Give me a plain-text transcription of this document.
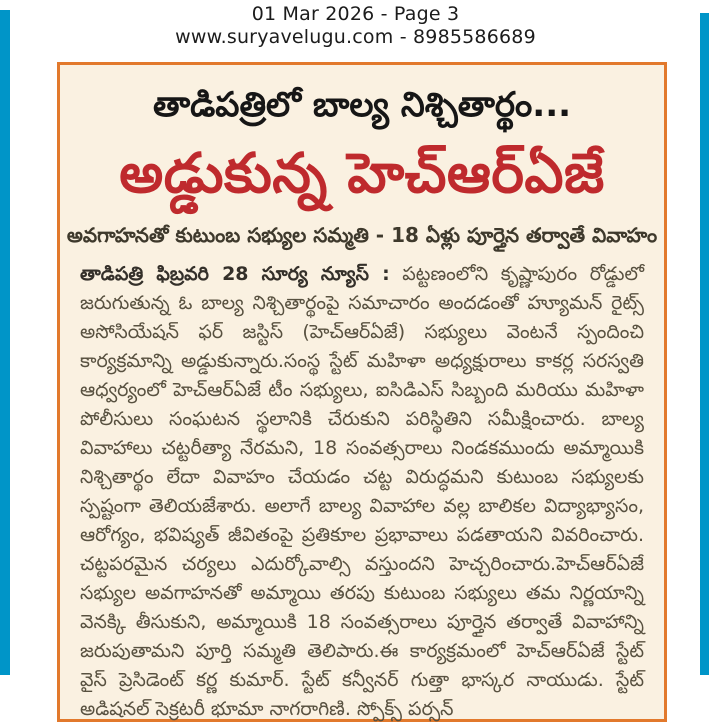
01 Mar 2026 - Page 3
www.suryavelugu.com - 8985586689
తాడిపత్రిలో బాల్య నిశ్చితార్థం...
అడ్డుకున్న హెచ్ఆర్ఏజే
అవగాహనతో కుటుంబ సభ్యుల సమ్మతి - 18 ఏళ్లు పూర్తైన తర్వాతే వివాహం

తాడిపత్రి ఫిబ్రవరి 28 సూర్య న్యూస్ : పట్టణంలోని కృష్ణాపురం రోడ్డులో జరుగుతున్న ఓ బాల్య నిశ్చితార్థంపై సమాచారం అందడంతో హ్యూమన్ రైట్స్ అసోసియేషన్ ఫర్ జస్టిస్ (హెచ్ఆర్ఏజే) సభ్యులు వెంటనే స్పందించి కార్యక్రమాన్ని అడ్డుకున్నారు.సంస్థ స్టేట్ మహిళా అధ్యక్షురాలు కాకర్ల సరస్వతి ఆధ్వర్యంలో హెచ్ఆర్ఏజే టీం సభ్యులు, ఐసిడిఎస్ సిబ్బంది మరియు మహిళా పోలీసులు సంఘటన స్థలానికి చేరుకుని పరిస్థితిని సమీక్షించారు. బాల్య వివాహాలు చట్టరీత్యా నేరమని, 18 సంవత్సరాలు నిండకముందు అమ్మాయికి నిశ్చితార్థం లేదా వివాహం చేయడం చట్ట విరుద్ధమని కుటుంబ సభ్యులకు స్పష్టంగా తెలియజేశారు. అలాగే బాల్య వివాహాల వల్ల బాలికల విద్యాభ్యాసం, ఆరోగ్యం, భవిష్యత్ జీవితంపై ప్రతికూల ప్రభావాలు పడతాయని వివరించారు. చట్టపరమైన చర్యలు ఎదుర్కోవాల్సి వస్తుందని హెచ్చరించారు.హెచ్ఆర్ఏజే సభ్యుల అవగాహనతో అమ్మాయి తరపు కుటుంబ సభ్యులు తమ నిర్ణయాన్ని వెనక్కి తీసుకుని, అమ్మాయికి 18 సంవత్సరాలు పూర్తైన తర్వాతే వివాహాన్ని జరుపుతామని పూర్తి సమ్మతి తెలిపారు.ఈ కార్యక్రమంలో హెచ్ఆర్ఏజే స్టేట్ వైస్ ప్రెసిడెంట్ కర్ణ కుమార్. స్టేట్ కన్వీనర్ గుత్తా భాస్కర నాయుడు. స్టేట్ అడిషనల్ సెక్రటరీ భూమా నాగరాగిణి. స్పోక్స్ పర్సన్
